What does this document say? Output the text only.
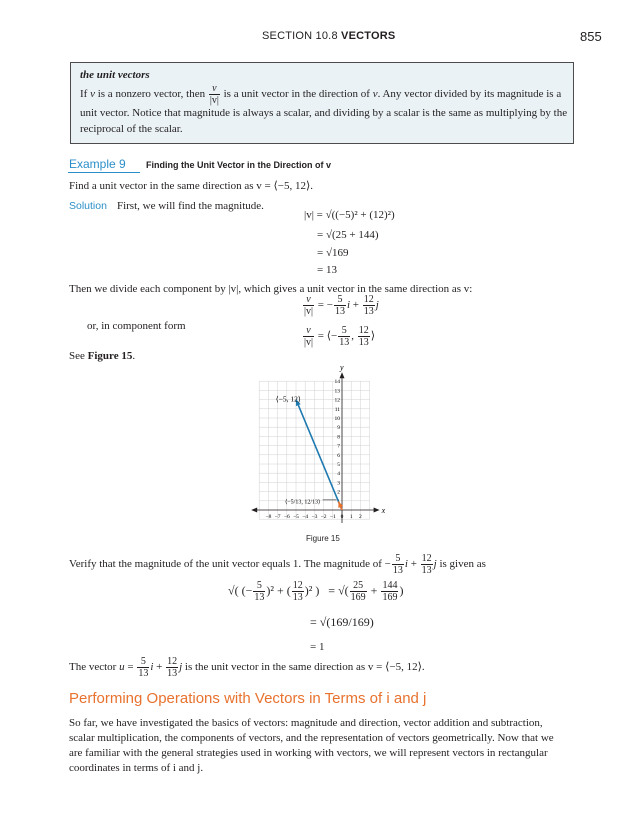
SECTION 10.8 VECTORS	855
the unit vectors
If v is a nonzero vector, then $\frac{v}{|v|}$ is a unit vector in the direction of v. Any vector divided by its magnitude is a
unit vector. Notice that magnitude is always a scalar, and dividing by a scalar is the same as multiplying by the
reciprocal of the scalar.
Example 9 Finding the Unit Vector in the Direction of v
Find a unit vector in the same direction as v = ⟨−5, 12⟩.
Solution First, we will find the magnitude.
|v| = √((−5)² + (12)²)
= √(25 + 144)
= √169
= 13
Then we divide each component by |v|, which gives a unit vector in the same direction as v:
$\frac{v}{|v|}$ = − $\frac{5}{13}$ $i + \frac{12}{13}$ j
or, in component form	$\frac{v}{|v|}$ = ⟨− $\frac{5}{13}$ , $\frac{12}{13}$ ⟩
See Figure 15.
x
y
−8 −7 −6 −5 −4 −3 −2 −1 0 1 2
2
3
4
5
6
7
8
9
10
11
12
13
14
⟨−5, 12⟩
⟨−5/13, 12/13⟩
Figure 15
Verify that the magnitude of the unit vector equals 1. The magnitude of − $\frac{5}{13}$ $i + \frac{12}{13}$ j is given as
√( (− $\frac{5}{13} )^2$ + ( $\frac{12}{13} )^2$ )   = √( $\frac{25}{169} + \frac{144}{169}$ )
= √(169/169)
= 1
The vector $u = \frac{5}{13}$ $i + \frac{12}{13}$ j is the unit vector in the same direction as v = ⟨−5, 12⟩.
Performing Operations with Vectors in Terms of i and j
So far, we have investigated the basics of vectors: magnitude and direction, vector addition and subtraction, scalar multiplication, the components of vectors, and the representation of vectors geometrically. Now that we are familiar with the general strategies used in working with vectors, we will represent vectors in rectangular coordinates in terms of i and j.
